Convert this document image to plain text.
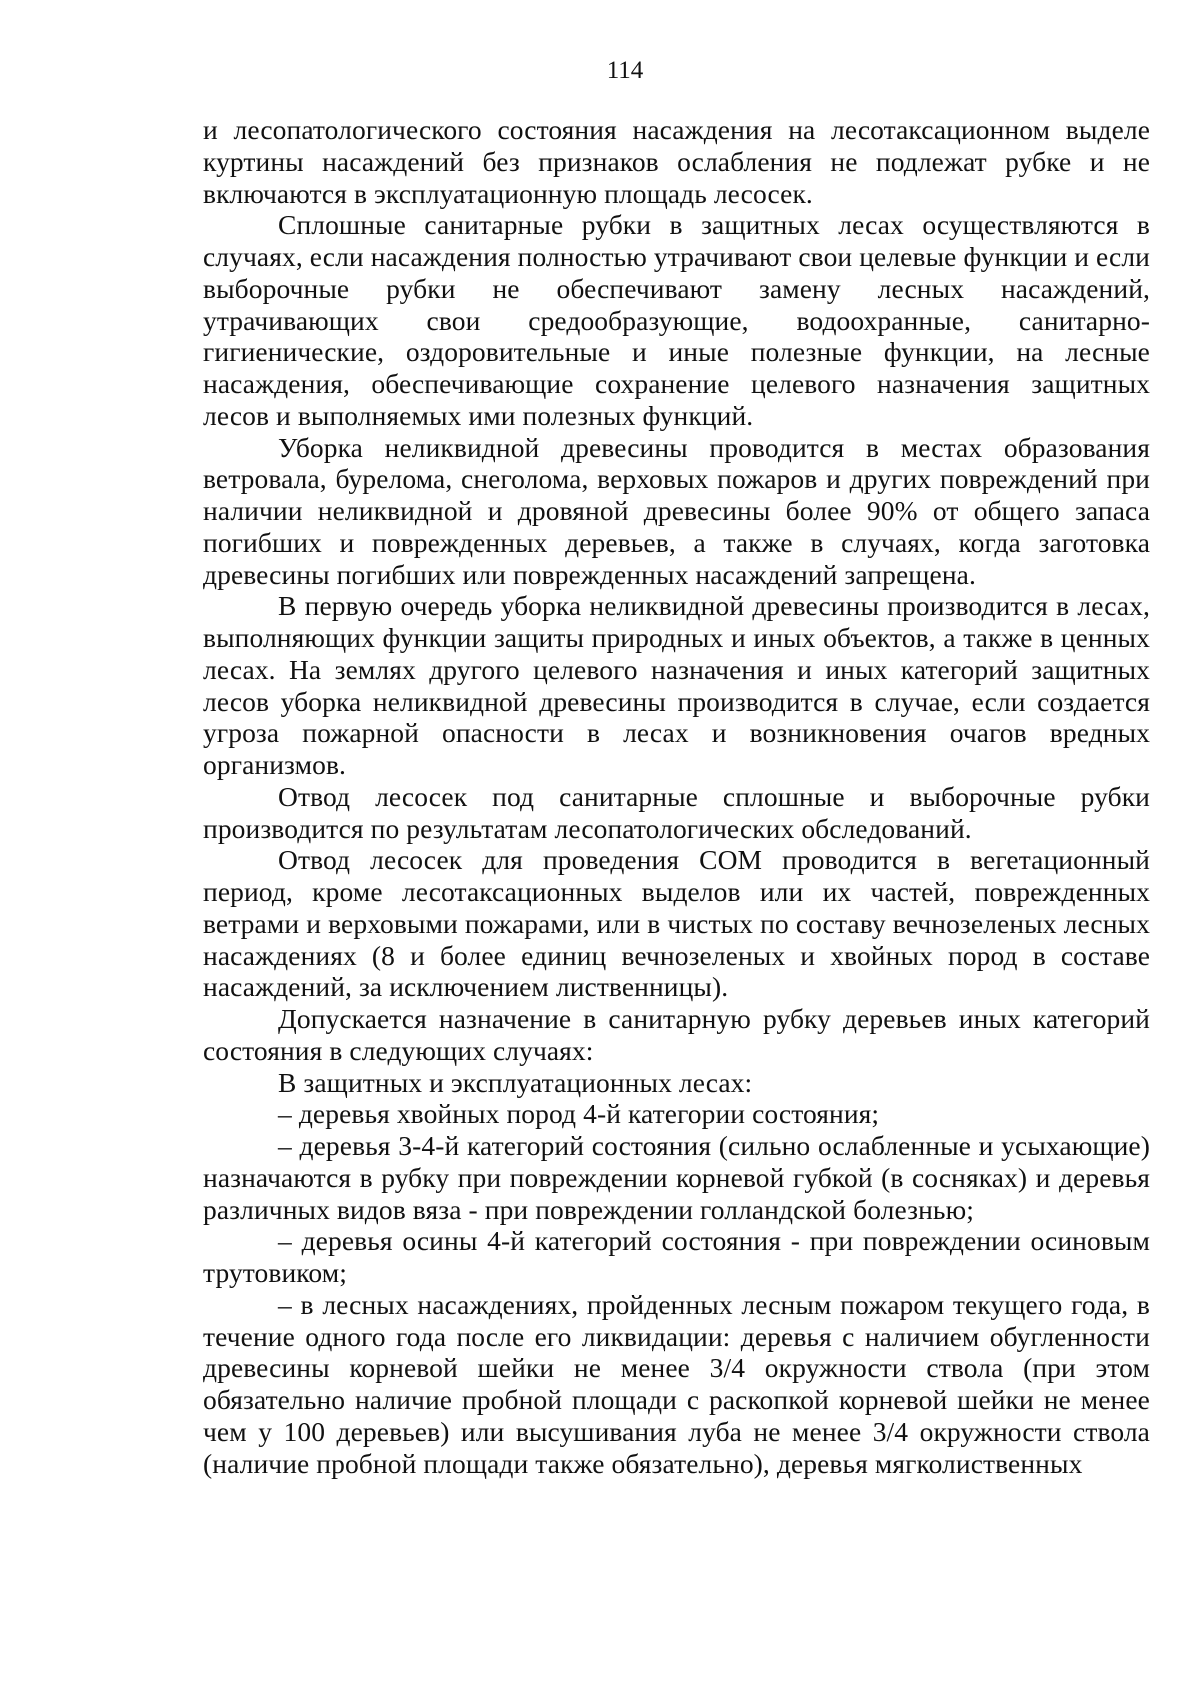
114

и лесопатологического состояния насаждения на лесотаксационном выделе куртины насаждений без признаков ослабления не подлежат рубке и не включаются в эксплуатационную площадь лесосек.

Сплошные санитарные рубки в защитных лесах осуществляются в случаях, если насаждения полностью утрачивают свои целевые функции и если выборочные рубки не обеспечивают замену лесных насаждений, утрачивающих свои средообразующие, водоохранные, санитарно-гигиенические, оздоровительные и иные полезные функции, на лесные насаждения, обеспечивающие сохранение целевого назначения защитных лесов и выполняемых ими полезных функций.

Уборка неликвидной древесины проводится в местах образования ветровала, бурелома, снеголома, верховых пожаров и других повреждений при наличии неликвидной и дровяной древесины более 90% от общего запаса погибших и поврежденных деревьев, а также в случаях, когда заготовка древесины погибших или поврежденных насаждений запрещена.

В первую очередь уборка неликвидной древесины производится в лесах, выполняющих функции защиты природных и иных объектов, а также в ценных лесах. На землях другого целевого назначения и иных категорий защитных лесов уборка неликвидной древесины производится в случае, если создается угроза пожарной опасности в лесах и возникновения очагов вредных организмов.

Отвод лесосек под санитарные сплошные и выборочные рубки производится по результатам лесопатологических обследований.

Отвод лесосек для проведения СОМ проводится в вегетационный период, кроме лесотаксационных выделов или их частей, поврежденных ветрами и верховыми пожарами, или в чистых по составу вечнозеленых лесных насаждениях (8 и более единиц вечнозеленых и хвойных пород в составе насаждений, за исключением лиственницы).

Допускается назначение в санитарную рубку деревьев иных категорий состояния в следующих случаях:

В защитных и эксплуатационных лесах:

– деревья хвойных пород 4-й категории состояния;

– деревья 3-4-й категорий состояния (сильно ослабленные и усыхающие) назначаются в рубку при повреждении корневой губкой (в сосняках) и деревья различных видов вяза - при повреждении голландской болезнью;

– деревья осины 4-й категорий состояния - при повреждении осиновым трутовиком;

– в лесных насаждениях, пройденных лесным пожаром текущего года, в течение одного года после его ликвидации: деревья с наличием обугленности древесины корневой шейки не менее 3/4 окружности ствола (при этом обязательно наличие пробной площади с раскопкой корневой шейки не менее чем у 100 деревьев) или высушивания луба не менее 3/4 окружности ствола (наличие пробной площади также обязательно), деревья мягколиственных
